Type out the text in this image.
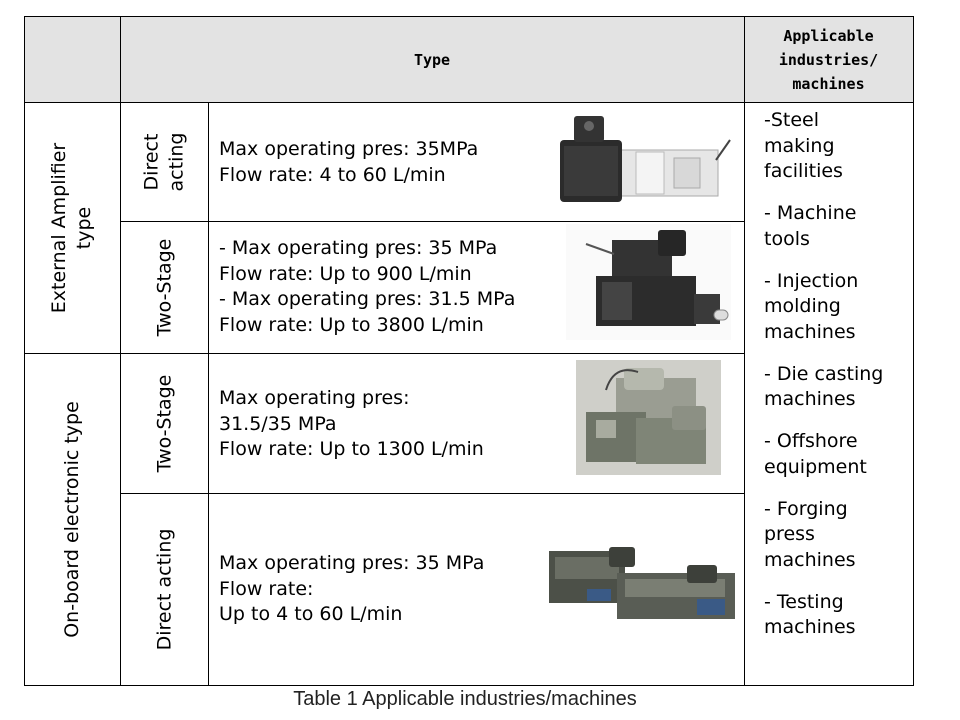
Type
Applicable
industries/
machines
External Amplifier type
On-board electronic type
Direct acting
Two-Stage
Two-Stage
Direct acting
Max operating pres: 35MPa
Flow rate: 4 to 60 L/min
- Max operating pres: 35 MPa
Flow rate: Up to 900 L/min
- Max operating pres: 31.5 MPa
Flow rate: Up to 3800 L/min
Max operating pres:
31.5/35 MPa
Flow rate: Up to 1300 L/min
Max operating pres: 35 MPa
Flow rate:
Up to 4 to 60 L/min
-Steel
making
facilities
- Machine
tools
- Injection
molding
machines
- Die casting
machines
- Offshore
equipment
- Forging
press
machines
- Testing
machines
Table 1 Applicable industries/machines
